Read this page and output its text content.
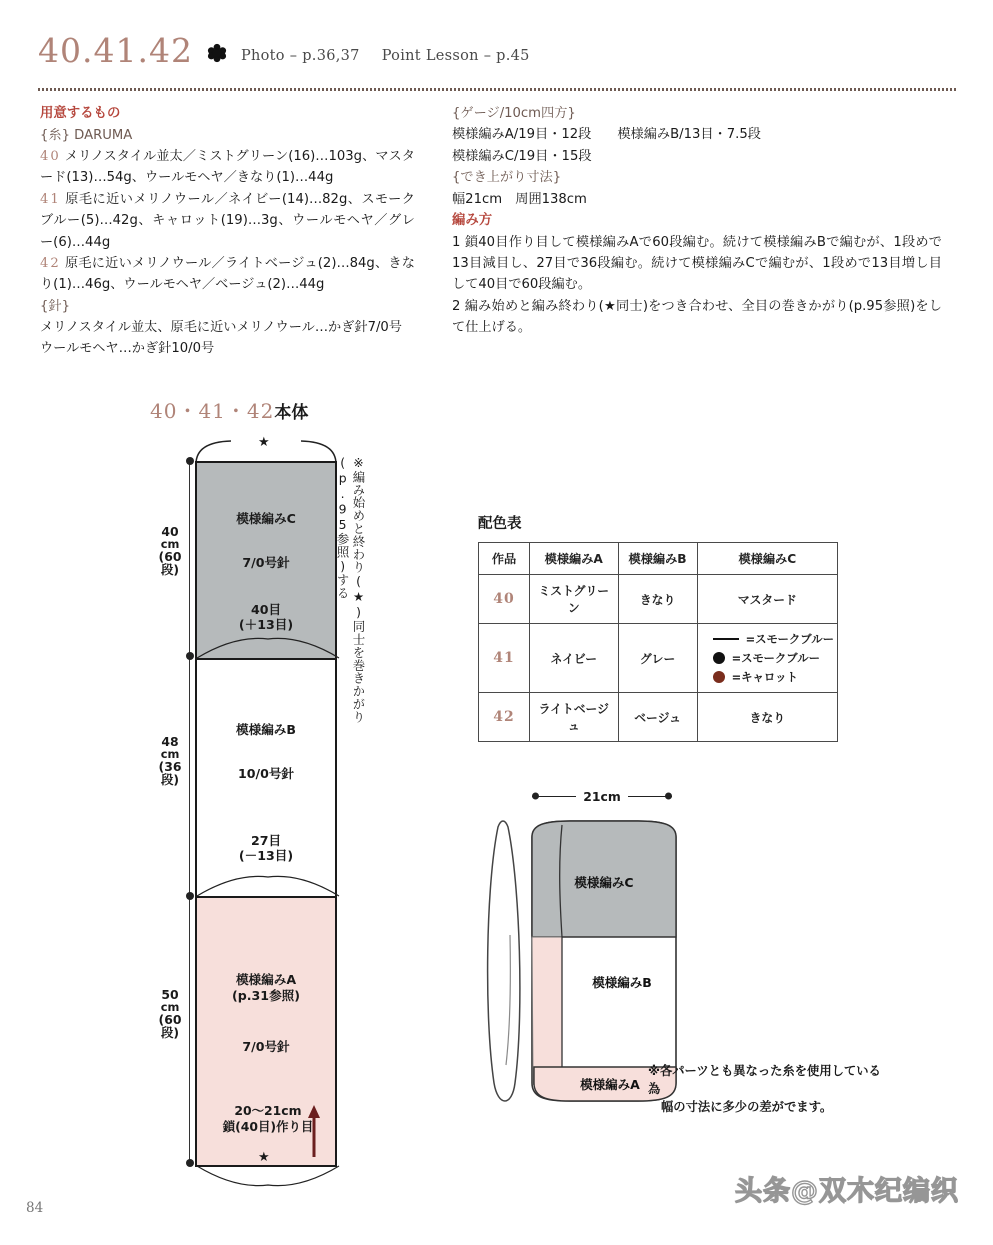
40.41.42	Photo – p.36,37 Point Lesson – p.45
用意するもの
{糸} DARUMA

40 メリノスタイル並太／ミストグリーン(16)…103g、マスタード(13)…54g、ウールモヘヤ／きなり(1)…44g

41 原毛に近いメリノウール／ネイビー(14)…82g、スモークブルー(5)…42g、キャロット(19)…3g、ウールモヘヤ／グレー(6)…44g

42 原毛に近いメリノウール／ライトベージュ(2)…84g、きなり(1)…46g、ウールモヘヤ／ベージュ(2)…44g

{針}
メリノスタイル並太、原毛に近いメリノウール…かぎ針7/0号
ウールモヘヤ…かぎ針10/0号
{ゲージ/10cm四方}
模様編みA/19目・12段 模様編みB/13目・7.5段
模様編みC/19目・15段
{でき上がり寸法}
幅21cm　周囲138cm
編み方

1 鎖40目作り目して模様編みAで60段編む。続けて模様編みBで編むが、1段めで13目減目し、27目で36段編む。続けて模様編みCで編むが、1段めで13目増し目して40目で60段編む。

2 編み始めと編み終わり(★同士)をつき合わせ、全目の巻きかがり(p.95参照)をして仕上げる。

40・41・42本体
★
40
cm
(60段)
48
cm
(36段)
50
cm
(60段)
模様編みC
7/0号針
40目
(＋13目)
模様編みB
10/0号針
27目
(－13目)
模様編みA
(p.31参照)
7/0号針
20〜21cm
鎖(40目)作り目
★
※編み始めと終わり(★)同士を巻きかがり(p.95参照)する	配色表
作品	模様編みA	模様編みB	模様編みC
40	ミストグリーン	きなり	マスタード
41	ネイビー	グレー	=スモークブルー
=スモークブルー
=キャロット

42	ライトベージュ	ベージュ	きなり
21cm
模様編みC
模様編みB
模様編みA
※各パーツとも異なった糸を使用している為
幅の寸法に多少の差がでます。
84
头条@双木纪编织
